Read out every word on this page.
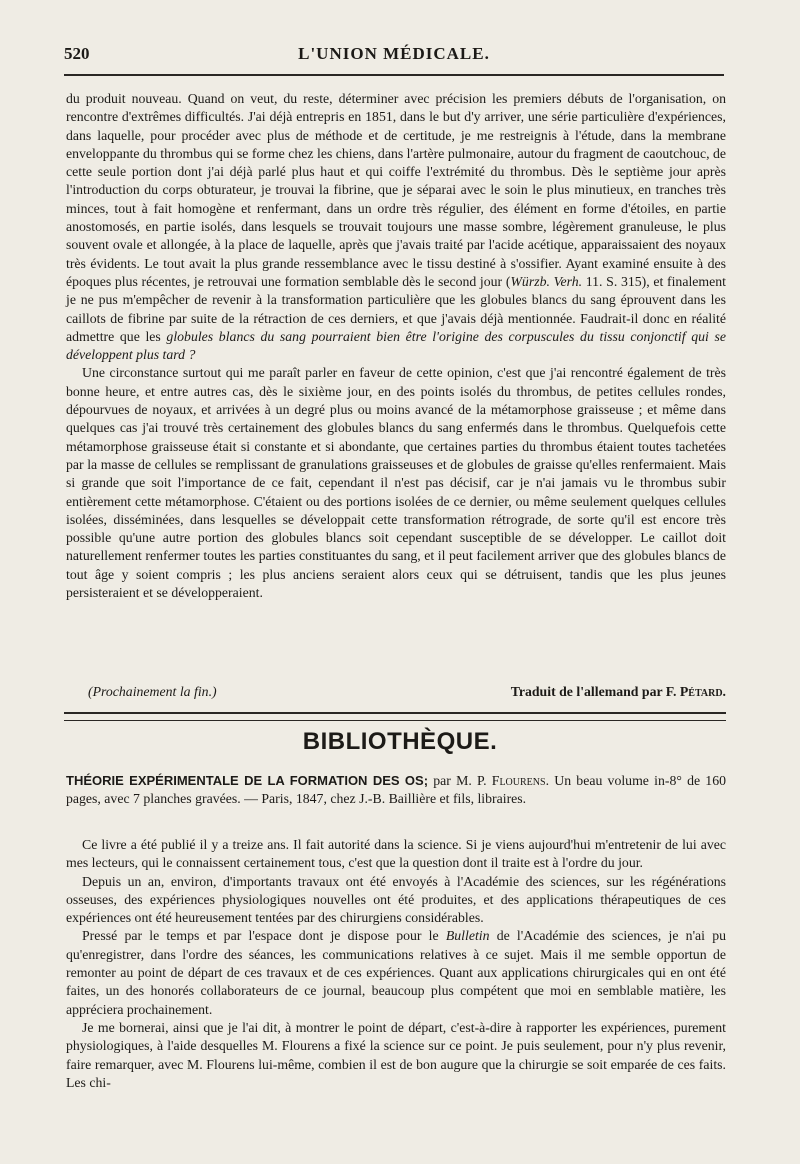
520	L'UNION MÉDICALE.

du produit nouveau. Quand on veut, du reste, déterminer avec précision les premiers débuts de l'organisation, on rencontre d'extrêmes difficultés. J'ai déjà entrepris en 1851, dans le but d'y arriver, une série particulière d'expériences, dans laquelle, pour procéder avec plus de méthode et de certitude, je me restreignis à l'étude, dans la membrane enveloppante du thrombus qui se forme chez les chiens, dans l'artère pulmonaire, autour du fragment de caoutchouc, de cette seule portion dont j'ai déjà parlé plus haut et qui coiffe l'extrémité du thrombus. Dès le septième jour après l'introduction du corps obturateur, je trouvai la fibrine, que je séparai avec le soin le plus minutieux, en tranches très minces, tout à fait homogène et renfermant, dans un ordre très régulier, des élément en forme d'étoiles, en partie anostomosés, en partie isolés, dans lesquels se trouvait toujours une masse sombre, légèrement granuleuse, le plus souvent ovale et allongée, à la place de laquelle, après que j'avais traité par l'acide acétique, apparaissaient des noyaux très évidents. Le tout avait la plus grande ressemblance avec le tissu destiné à s'ossifier. Ayant examiné ensuite à des époques plus récentes, je retrouvai une formation semblable dès le second jour (Würzb. Verh. 11. S. 315), et finalement je ne pus m'empêcher de revenir à la transformation particulière que les globules blancs du sang éprouvent dans les caillots de fibrine par suite de la rétraction de ces derniers, et que j'avais déjà mentionnée. Faudrait-il donc en réalité admettre que les globules blancs du sang pourraient bien être l'origine des corpuscules du tissu conjonctif qui se développent plus tard ?

Une circonstance surtout qui me paraît parler en faveur de cette opinion, c'est que j'ai rencontré également de très bonne heure, et entre autres cas, dès le sixième jour, en des points isolés du thrombus, de petites cellules rondes, dépourvues de noyaux, et arrivées à un degré plus ou moins avancé de la métamorphose graisseuse ; et même dans quelques cas j'ai trouvé très certainement des globules blancs du sang enfermés dans le thrombus. Quelquefois cette métamorphose graisseuse était si constante et si abondante, que certaines parties du thrombus étaient toutes tachetées par la masse de cellules se remplissant de granulations graisseuses et de globules de graisse qu'elles renfermaient. Mais si grande que soit l'importance de ce fait, cependant il n'est pas décisif, car je n'ai jamais vu le thrombus subir entièrement cette métamorphose. C'étaient ou des portions isolées de ce dernier, ou même seulement quelques cellules isolées, disséminées, dans lesquelles se développait cette transformation rétrograde, de sorte qu'il est encore très possible qu'une autre portion des globules blancs soit cependant susceptible de se développer. Le caillot doit naturellement renfermer toutes les parties constituantes du sang, et il peut facilement arriver que des globules blancs de tout âge y soient compris ; les plus anciens seraient alors ceux qui se détruisent, tandis que les plus jeunes persisteraient et se développeraient.

(Prochainement la fin.)	Traduit de l'allemand par F. Pétard.
BIBLIOTHÈQUE.

THÉORIE EXPÉRIMENTALE DE LA FORMATION DES OS; par M. P. Flourens. Un beau volume in-8° de 160 pages, avec 7 planches gravées. — Paris, 1847, chez J.-B. Baillière et fils, libraires.

Ce livre a été publié il y a treize ans. Il fait autorité dans la science. Si je viens aujourd'hui m'entretenir de lui avec mes lecteurs, qui le connaissent certainement tous, c'est que la question dont il traite est à l'ordre du jour.

Depuis un an, environ, d'importants travaux ont été envoyés à l'Académie des sciences, sur les régénérations osseuses, des expériences physiologiques nouvelles ont été produites, et des applications thérapeutiques de ces expériences ont été heureusement tentées par des chirurgiens considérables.

Pressé par le temps et par l'espace dont je dispose pour le Bulletin de l'Académie des sciences, je n'ai pu qu'enregistrer, dans l'ordre des séances, les communications relatives à ce sujet. Mais il me semble opportun de remonter au point de départ de ces travaux et de ces expériences. Quant aux applications chirurgicales qui en ont été faites, un des honorés collaborateurs de ce journal, beaucoup plus compétent que moi en semblable matière, les appréciera prochainement.

Je me bornerai, ainsi que je l'ai dit, à montrer le point de départ, c'est-à-dire à rapporter les expériences, purement physiologiques, à l'aide desquelles M. Flourens a fixé la science sur ce point. Je puis seulement, pour n'y plus revenir, faire remarquer, avec M. Flourens lui-même, combien il est de bon augure que la chirurgie se soit emparée de ces faits. Les chi-
